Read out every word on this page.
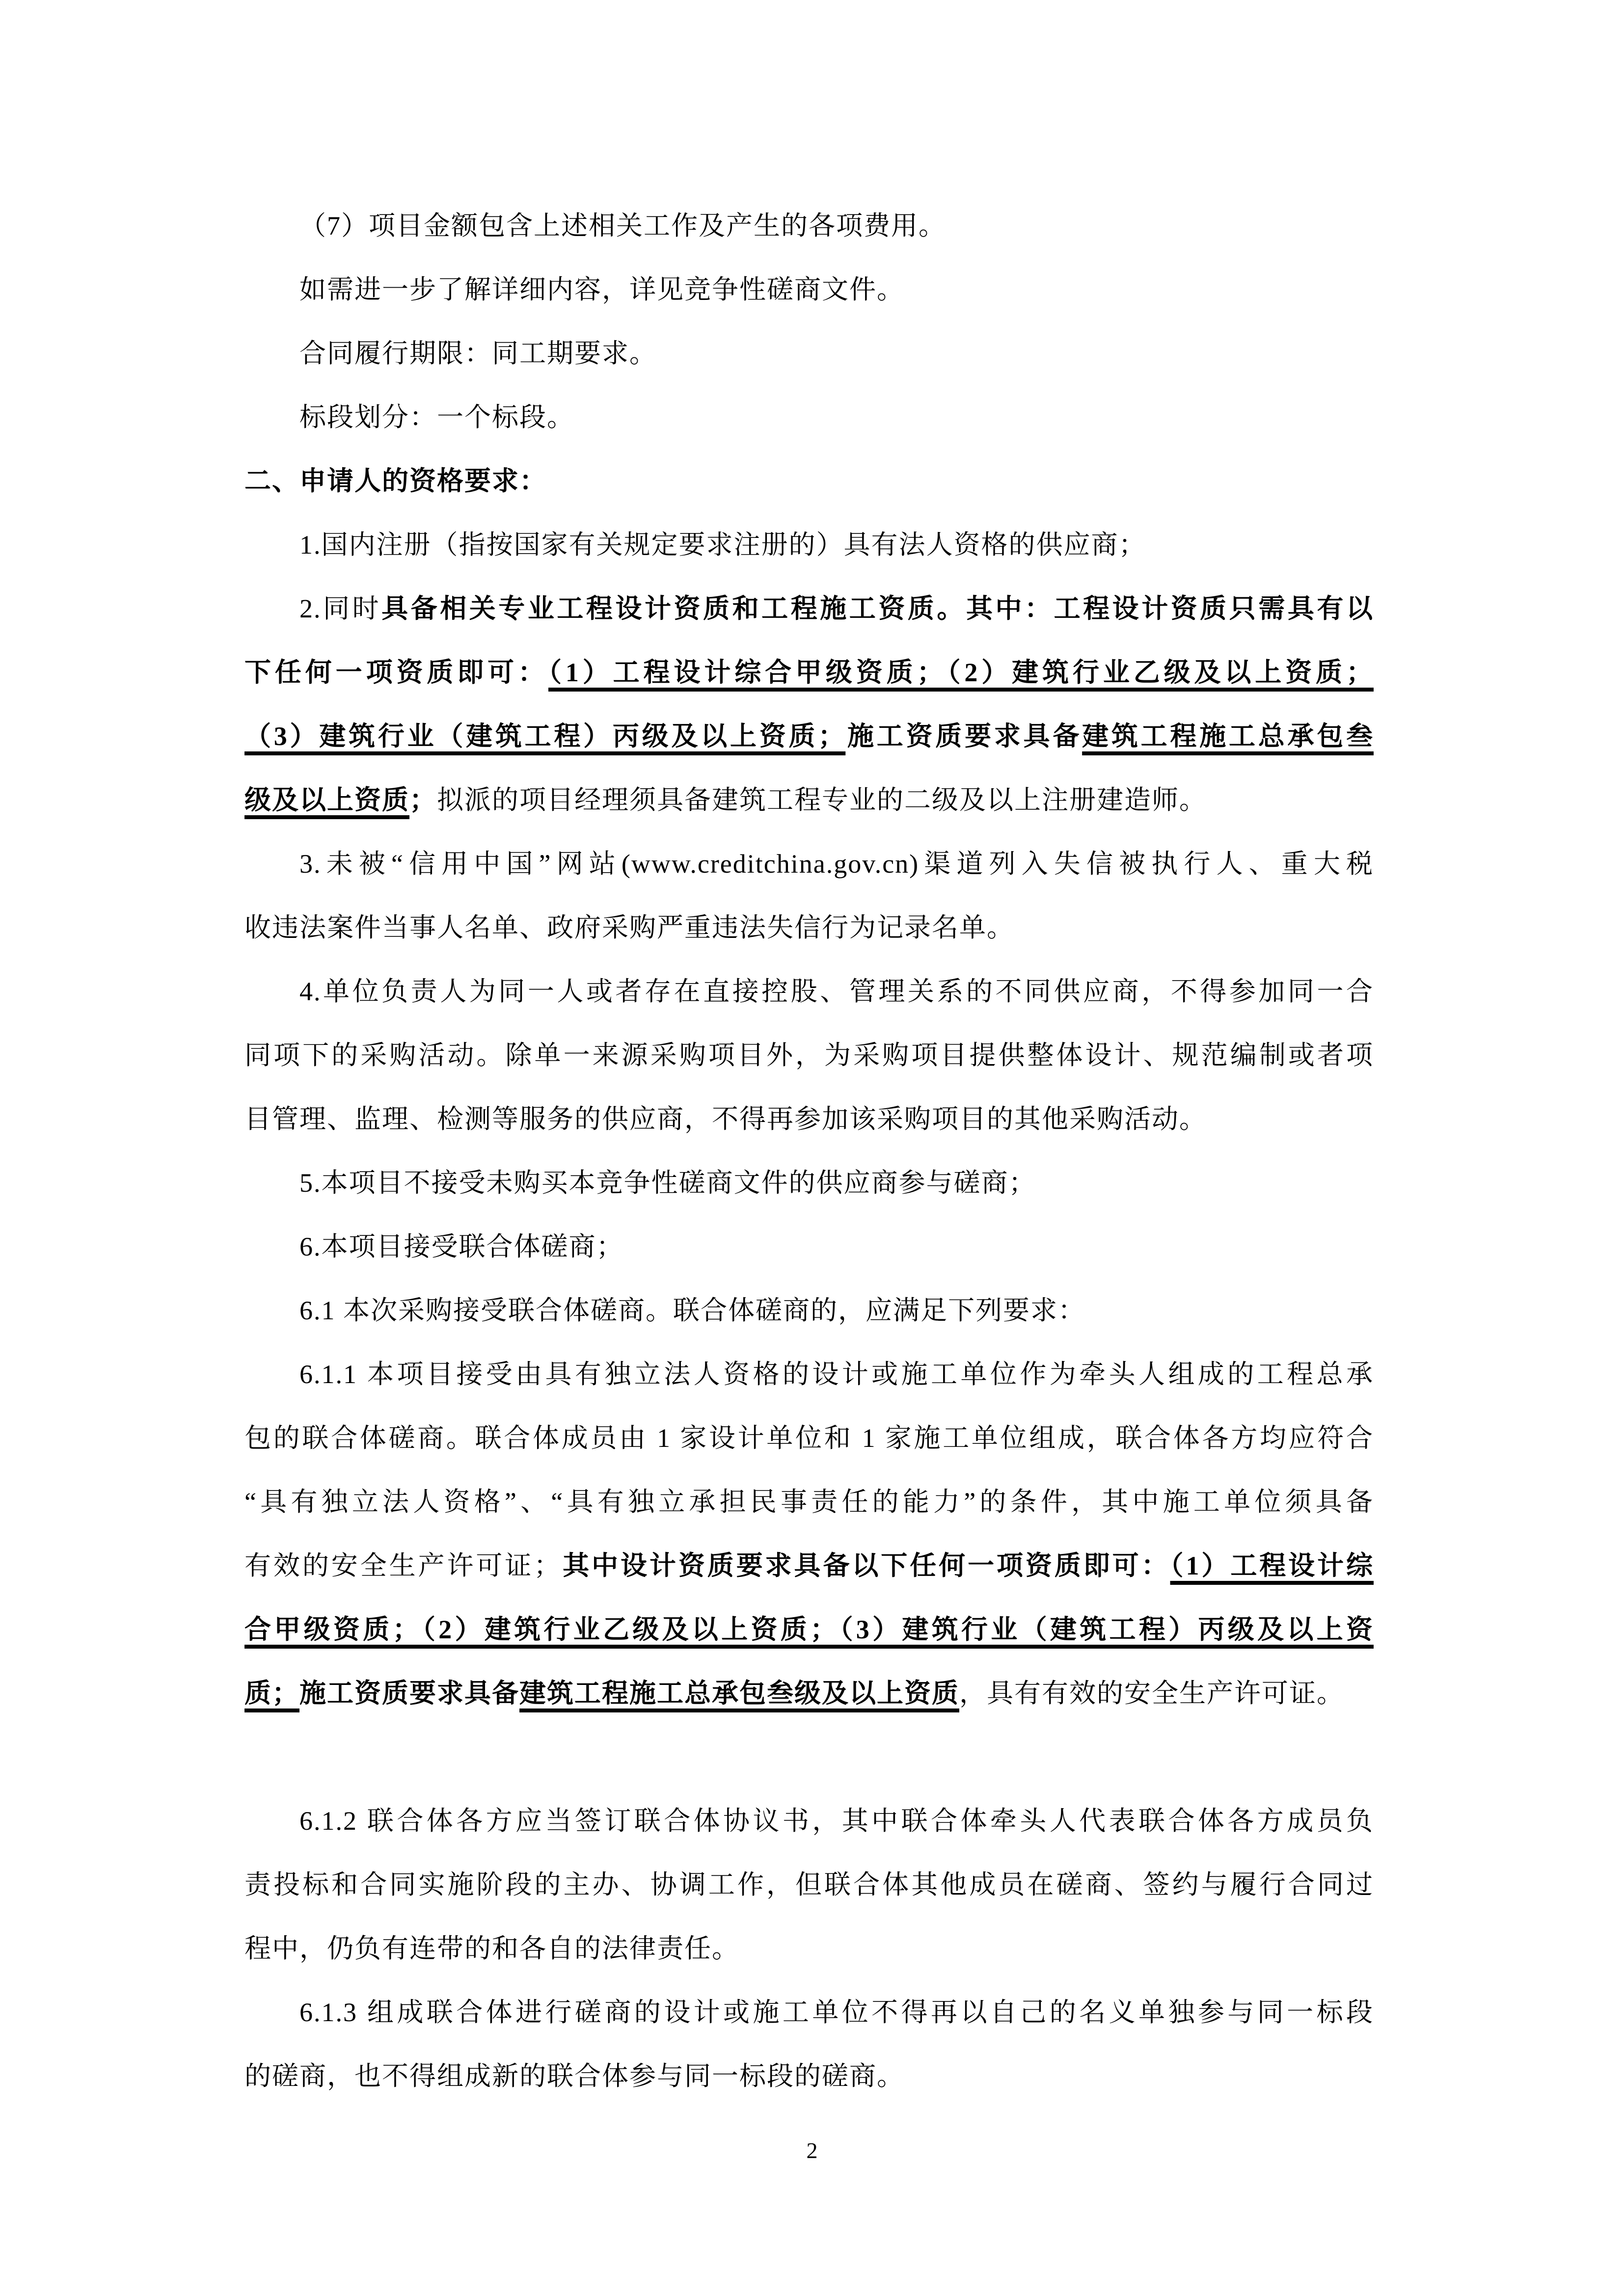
（7）项目金额包含上述相关工作及产生的各项费用。
如需进一步了解详细内容，详见竞争性磋商文件。
合同履行期限：同工期要求。
标段划分：一个标段。
二、申请人的资格要求：
1.国内注册（指按国家有关规定要求注册的）具有法人资格的供应商；
2.同时具备相关专业工程设计资质和工程施工资质。其中：工程设计资质只需具有以
下任何一项资质即可：（1）工程设计综合甲级资质；（2）建筑行业乙级及以上资质；
（3）建筑行业（建筑工程）丙级及以上资质；施工资质要求具备建筑工程施工总承包叁
级及以上资质；拟派的项目经理须具备建筑工程专业的二级及以上注册建造师。
3.未被“信用中国”网站(www.creditchina.gov.cn)渠道列入失信被执行人、重大税
收违法案件当事人名单、政府采购严重违法失信行为记录名单。
4.单位负责人为同一人或者存在直接控股、管理关系的不同供应商，不得参加同一合
同项下的采购活动。除单一来源采购项目外，为采购项目提供整体设计、规范编制或者项
目管理、监理、检测等服务的供应商，不得再参加该采购项目的其他采购活动。
5.本项目不接受未购买本竞争性磋商文件的供应商参与磋商；
6.本项目接受联合体磋商；
6.1 本次采购接受联合体磋商。联合体磋商的，应满足下列要求：
6.1.1 本项目接受由具有独立法人资格的设计或施工单位作为牵头人组成的工程总承
包的联合体磋商。联合体成员由 1 家设计单位和 1 家施工单位组成，联合体各方均应符合
“具有独立法人资格”、“具有独立承担民事责任的能力”的条件，其中施工单位须具备
有效的安全生产许可证；其中设计资质要求具备以下任何一项资质即可：（1）工程设计综
合甲级资质；（2）建筑行业乙级及以上资质；（3）建筑行业（建筑工程）丙级及以上资
质；施工资质要求具备建筑工程施工总承包叁级及以上资质，具有有效的安全生产许可证。

6.1.2 联合体各方应当签订联合体协议书，其中联合体牵头人代表联合体各方成员负
责投标和合同实施阶段的主办、协调工作，但联合体其他成员在磋商、签约与履行合同过
程中，仍负有连带的和各自的法律责任。
6.1.3 组成联合体进行磋商的设计或施工单位不得再以自己的名义单独参与同一标段
的磋商，也不得组成新的联合体参与同一标段的磋商。
2
